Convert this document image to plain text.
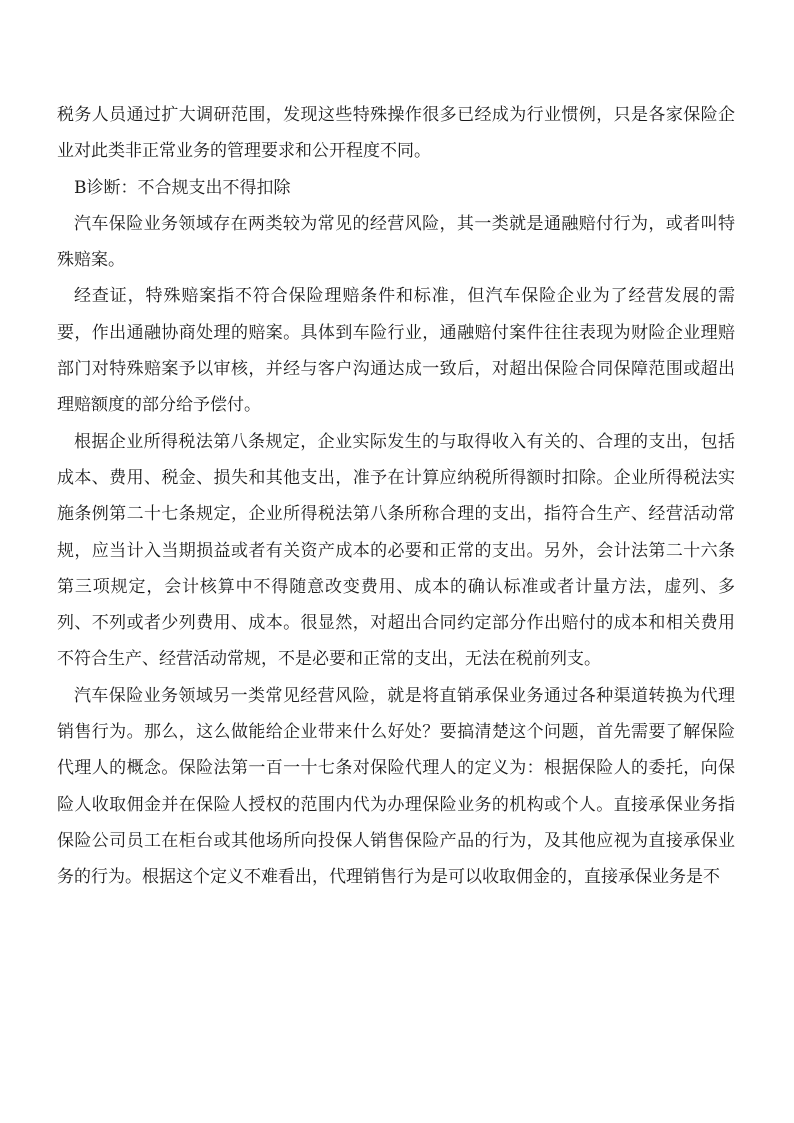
税务人员通过扩大调研范围，发现这些特殊操作很多已经成为行业惯例，只是各家保险企业对此类非正常业务的管理要求和公开程度不同。

B诊断：不合规支出不得扣除

汽车保险业务领域存在两类较为常见的经营风险，其一类就是通融赔付行为，或者叫特殊赔案。

经查证，特殊赔案指不符合保险理赔条件和标准，但汽车保险企业为了经营发展的需要，作出通融协商处理的赔案。具体到车险行业，通融赔付案件往往表现为财险企业理赔部门对特殊赔案予以审核，并经与客户沟通达成一致后，对超出保险合同保障范围或超出理赔额度的部分给予偿付。

根据企业所得税法第八条规定，企业实际发生的与取得收入有关的、合理的支出，包括成本、费用、税金、损失和其他支出，准予在计算应纳税所得额时扣除。企业所得税法实施条例第二十七条规定，企业所得税法第八条所称合理的支出，指符合生产、经营活动常规，应当计入当期损益或者有关资产成本的必要和正常的支出。另外，会计法第二十六条第三项规定，会计核算中不得随意改变费用、成本的确认标准或者计量方法，虚列、多列、不列或者少列费用、成本。很显然，对超出合同约定部分作出赔付的成本和相关费用不符合生产、经营活动常规，不是必要和正常的支出，无法在税前列支。

汽车保险业务领域另一类常见经营风险，就是将直销承保业务通过各种渠道转换为代理销售行为。那么，这么做能给企业带来什么好处？要搞清楚这个问题，首先需要了解保险代理人的概念。保险法第一百一十七条对保险代理人的定义为：根据保险人的委托，向保险人收取佣金并在保险人授权的范围内代为办理保险业务的机构或个人。直接承保业务指保险公司员工在柜台或其他场所向投保人销售保险产品的行为，及其他应视为直接承保业务的行为。根据这个定义不难看出，代理销售行为是可以收取佣金的，直接承保业务是不
